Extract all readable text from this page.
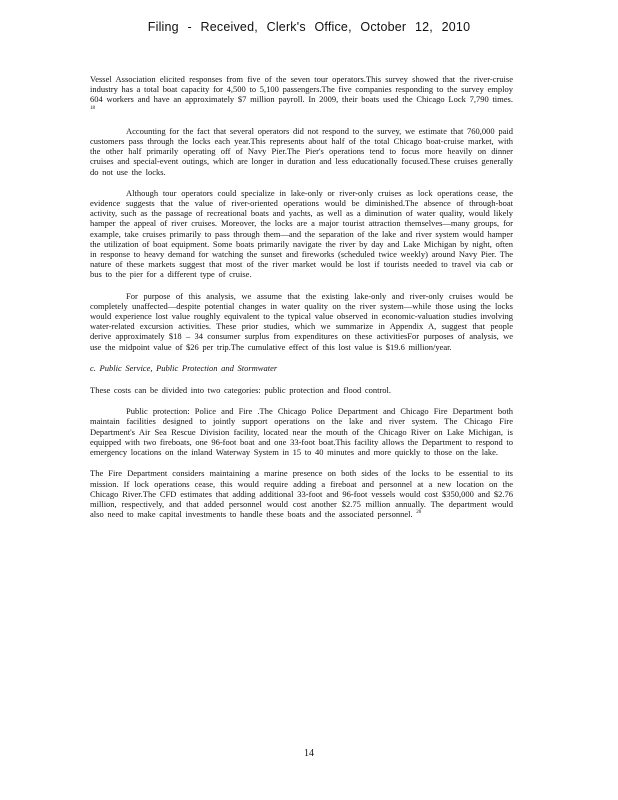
Filing - Received, Clerk's Office, October 12, 2010

Vessel Association elicited responses from five of the seven tour operators.This survey showed that the river-cruise industry has a total boat capacity for 4,500 to 5,100 passengers.The five companies responding to the survey employ 604 workers and have an approximately $7 million payroll. In 2009, their boats used the Chicago Lock 7,790 times. $^{18}$

Accounting for the fact that several operators did not respond to the survey, we estimate that 760,000 paid customers pass through the locks each year.This represents about half of the total Chicago boat-cruise market, with the other half primarily operating off of Navy Pier.The Pier's operations tend to focus more heavily on dinner cruises and special-event outings, which are longer in duration and less educationally focused.These cruises generally do not use the locks.

Although tour operators could specialize in lake-only or river-only cruises as lock operations cease, the evidence suggests that the value of river-oriented operations would be diminished.The absence of through-boat activity, such as the passage of recreational boats and yachts, as well as a diminution of water quality, would likely hamper the appeal of river cruises. Moreover, the locks are a major tourist attraction themselves—many groups, for example, take cruises primarily to pass through them—and the separation of the lake and river system would hamper the utilization of boat equipment. Some boats primarily navigate the river by day and Lake Michigan by night, often in response to heavy demand for watching the sunset and fireworks (scheduled twice weekly) around Navy Pier. The nature of these markets suggest that most of the river market would be lost if tourists needed to travel via cab or bus to the pier for a different type of cruise.

For purpose of this analysis, we assume that the existing lake-only and river-only cruises would be completely unaffected—despite potential changes in water quality on the river system—while those using the locks would experience lost value roughly equivalent to the typical value observed in economic-valuation studies involving water-related excursion activities. These prior studies, which we summarize in Appendix A, suggest that people derive approximately $18 – 34 consumer surplus from expenditures on these activitiesFor purposes of analysis, we use the midpoint value of $26 per trip.The cumulative effect of this lost value is $19.6 million/year.

c. Public Service, Public Protection and Stormwater

These costs can be divided into two categories: public protection and flood control.

Public protection: Police and Fire .The Chicago Police Department and Chicago Fire Department both maintain facilities designed to jointly support operations on the lake and river system. The Chicago Fire Department's Air Sea Rescue Division facility, located near the mouth of the Chicago River on Lake Michigan, is equipped with two fireboats, one 96-foot boat and one 33-foot boat.This facility allows the Department to respond to emergency locations on the inland Waterway System in 15 to 40 minutes and more quickly to those on the lake.

The Fire Department considers maintaining a marine presence on both sides of the locks to be essential to its mission. If lock operations cease, this would require adding a fireboat and personnel at a new location on the Chicago River.The CFD estimates that adding additional 33-foot and 96-foot vessels would cost $350,000 and $2.76 million, respectively, and that added personnel would cost another $2.75 million annually. The department would also need to make capital investments to handle these boats and the associated personnel. $^{20}$

14
